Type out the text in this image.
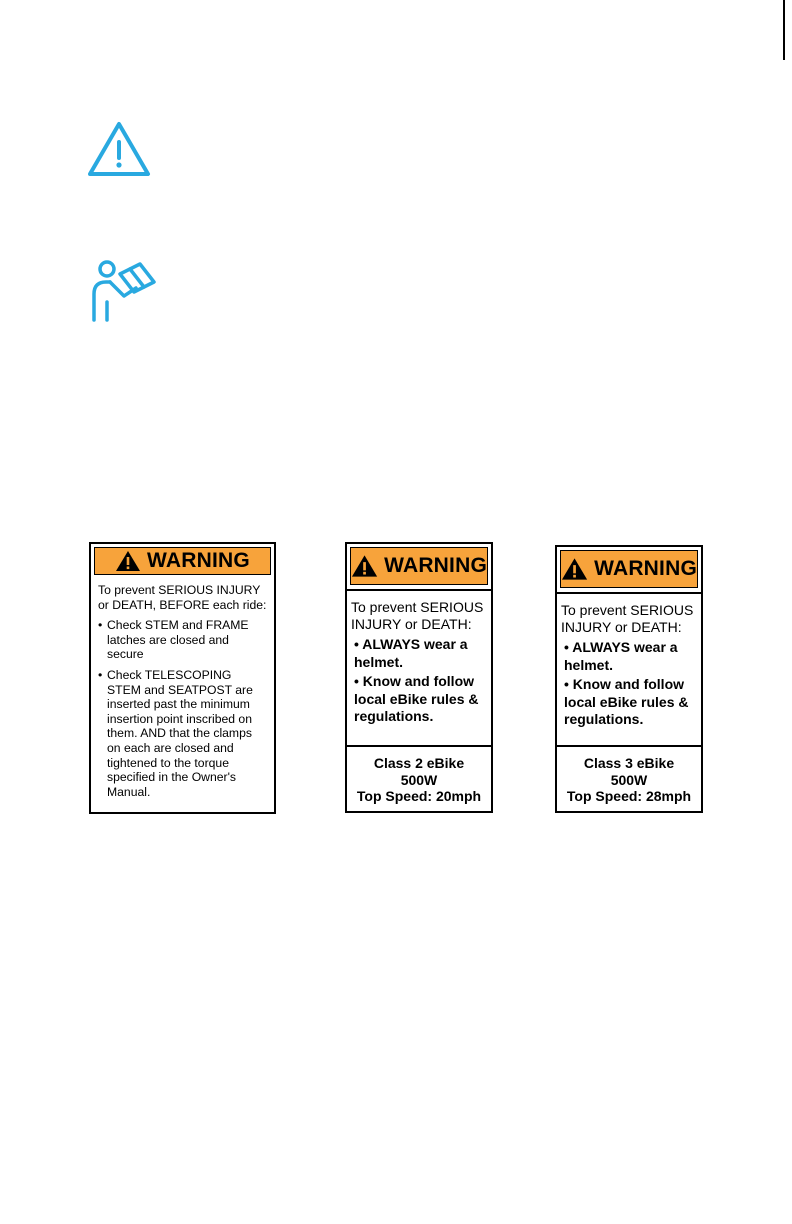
WARNING
To prevent SERIOUS INJURY or DEATH, BEFORE each ride:
• Check STEM and FRAME latches are closed and secure
• Check TELESCOPING STEM and SEATPOST are inserted past the minimum insertion point inscribed on them. AND that the clamps on each are closed and tightened to the torque specified in the Owner's Manual.
WARNING
To prevent SERIOUS INJURY or DEATH:
• ALWAYS wear a helmet.
• Know and follow local eBike rules & regulations.
Class 2 eBike
500W
Top Speed: 20mph
WARNING
To prevent SERIOUS INJURY or DEATH:
• ALWAYS wear a helmet.
• Know and follow local eBike rules & regulations.
Class 3 eBike
500W
Top Speed: 28mph
